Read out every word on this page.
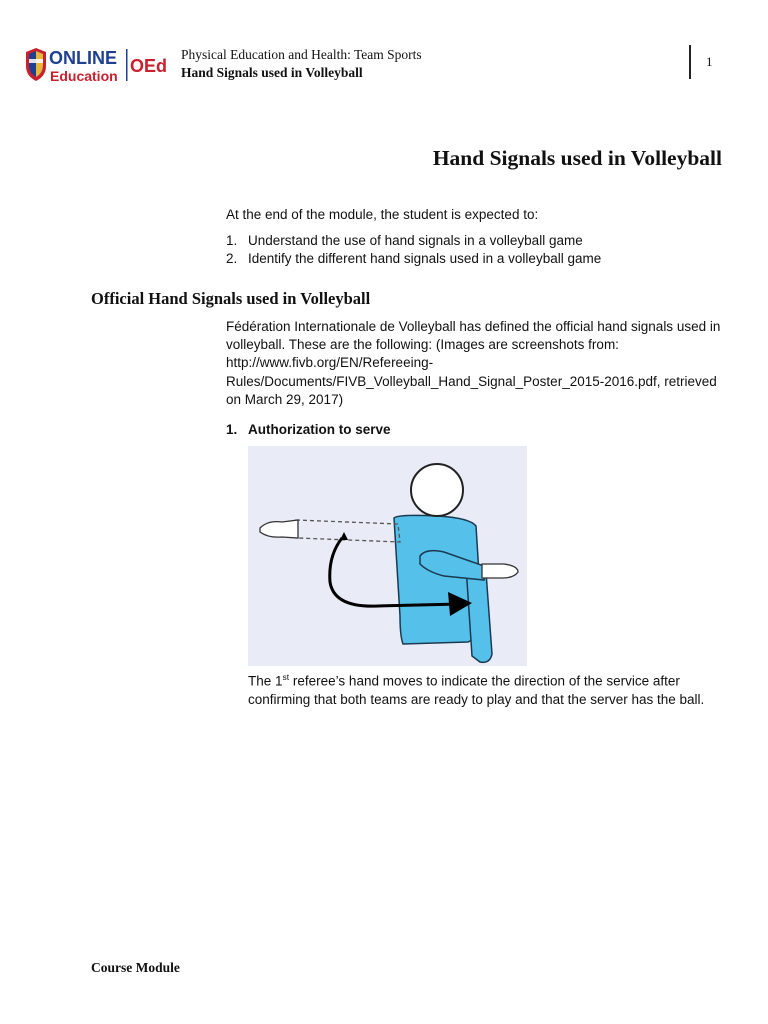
ONLINE
Education OEd
Physical Education and Health: Team Sports
Hand Signals used in Volleyball
1
Hand Signals used in Volleyball
At the end of the module, the student is expected to:
1. Understand the use of hand signals in a volleyball game
2. Identify the different hand signals used in a volleyball game
Official Hand Signals used in Volleyball

Fédération Internationale de Volleyball has defined the official hand signals used in volleyball. These are the following: (Images are screenshots from: http://www.fivb.org/EN/Refereeing-Rules/Documents/FIVB_Volleyball_Hand_Signal_Poster_2015-2016.pdf, retrieved on March 29, 2017)

1. Authorization to serve

The 1st referee’s hand moves to indicate the direction of the service after confirming that both teams are ready to play and that the server has the ball.

Course Module
